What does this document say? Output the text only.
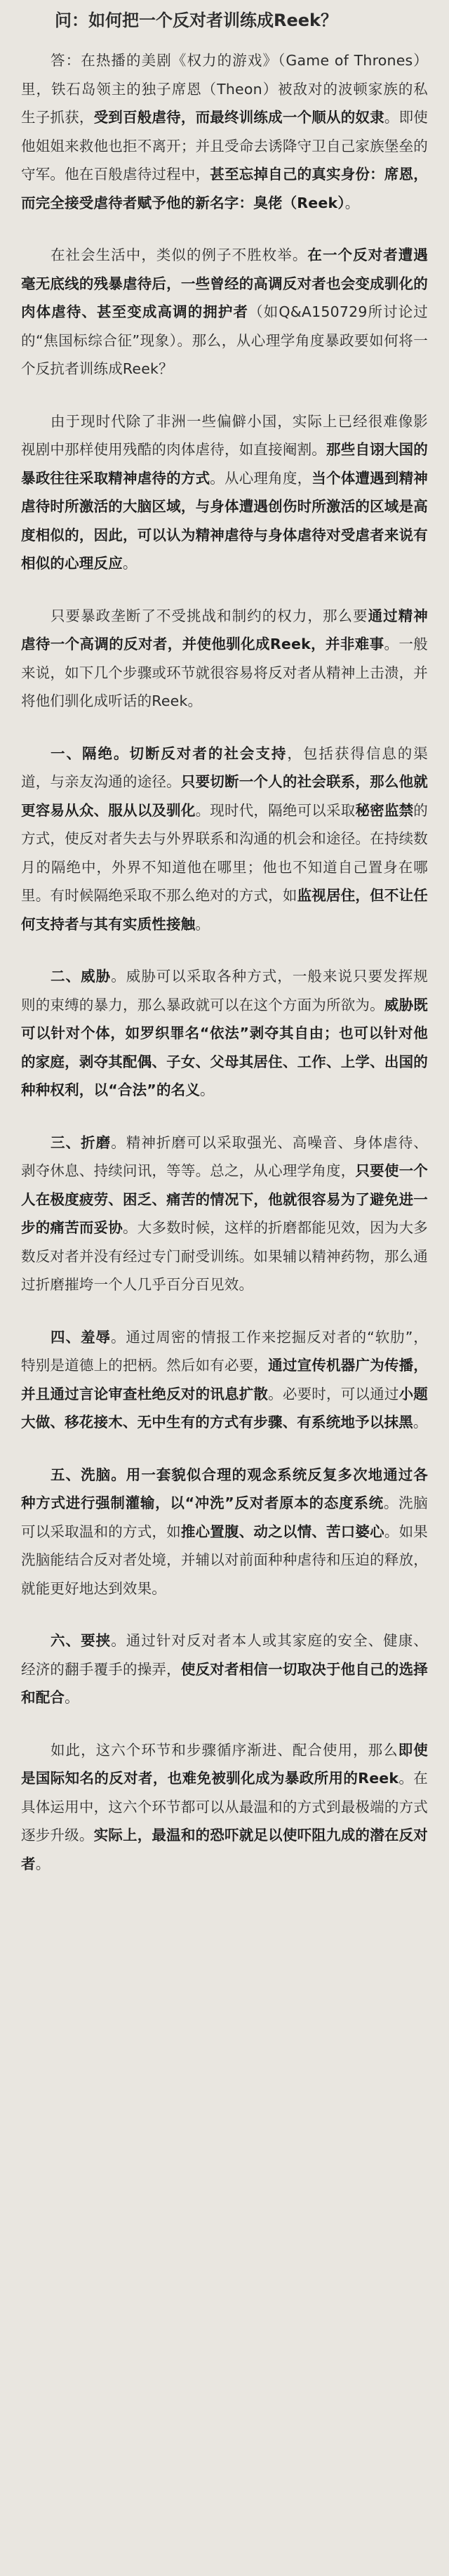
问：如何把一个反对者训练成Reek？

答：在热播的美剧《权力的游戏》（Game of Thrones）里，铁石岛领主的独子席恩（Theon）被敌对的波顿家族的私生子抓获，受到百般虐待，而最终训练成一个顺从的奴隶。即使他姐姐来救他也拒不离开；并且受命去诱降守卫自己家族堡垒的守军。他在百般虐待过程中，甚至忘掉自己的真实身份：席恩，而完全接受虐待者赋予他的新名字：臭佬（Reek）。

在社会生活中，类似的例子不胜枚举。在一个反对者遭遇毫无底线的残暴虐待后，一些曾经的高调反对者也会变成驯化的肉体虐待、甚至变成高调的拥护者（如Q&A150729所讨论过的“焦国标综合征”现象）。那么，从心理学角度暴政要如何将一个反抗者训练成Reek？

由于现时代除了非洲一些偏僻小国，实际上已经很难像影视剧中那样使用残酷的肉体虐待，如直接阉割。那些自诩大国的暴政往往采取精神虐待的方式。从心理角度，当个体遭遇到精神虐待时所激活的大脑区域，与身体遭遇创伤时所激活的区域是高度相似的，因此，可以认为精神虐待与身体虐待对受虐者来说有相似的心理反应。

只要暴政垄断了不受挑战和制约的权力，那么要通过精神虐待一个高调的反对者，并使他驯化成Reek，并非难事。一般来说，如下几个步骤或环节就很容易将反对者从精神上击溃，并将他们驯化成听话的Reek。

一、隔绝。切断反对者的社会支持，包括获得信息的渠道，与亲友沟通的途径。只要切断一个人的社会联系，那么他就更容易从众、服从以及驯化。现时代，隔绝可以采取秘密监禁的方式，使反对者失去与外界联系和沟通的机会和途径。在持续数月的隔绝中，外界不知道他在哪里；他也不知道自己置身在哪里。有时候隔绝采取不那么绝对的方式，如监视居住，但不让任何支持者与其有实质性接触。

二、威胁。威胁可以采取各种方式，一般来说只要发挥规则的束缚的暴力，那么暴政就可以在这个方面为所欲为。威胁既可以针对个体，如罗织罪名“依法”剥夺其自由；也可以针对他的家庭，剥夺其配偶、子女、父母其居住、工作、上学、出国的种种权利，以“合法”的名义。

三、折磨。精神折磨可以采取强光、高噪音、身体虐待、剥夺休息、持续问讯，等等。总之，从心理学角度，只要使一个人在极度疲劳、困乏、痛苦的情况下，他就很容易为了避免进一步的痛苦而妥协。大多数时候，这样的折磨都能见效，因为大多数反对者并没有经过专门耐受训练。如果辅以精神药物，那么通过折磨摧垮一个人几乎百分百见效。

四、羞辱。通过周密的情报工作来挖掘反对者的“软肋”，特别是道德上的把柄。然后如有必要，通过宣传机器广为传播，并且通过言论审查杜绝反对的讯息扩散。必要时，可以通过小题大做、移花接木、无中生有的方式有步骤、有系统地予以抹黑。

五、洗脑。用一套貌似合理的观念系统反复多次地通过各种方式进行强制灌输，以“冲洗”反对者原本的态度系统。洗脑可以采取温和的方式，如推心置腹、动之以情、苦口婆心。如果洗脑能结合反对者处境，并辅以对前面种种虐待和压迫的释放，就能更好地达到效果。

六、要挟。通过针对反对者本人或其家庭的安全、健康、经济的翻手覆手的操弄，使反对者相信一切取决于他自己的选择和配合。

如此，这六个环节和步骤循序渐进、配合使用，那么即使是国际知名的反对者，也难免被驯化成为暴政所用的Reek。在具体运用中，这六个环节都可以从最温和的方式到最极端的方式逐步升级。实际上，最温和的恐吓就足以使吓阻九成的潜在反对者。
